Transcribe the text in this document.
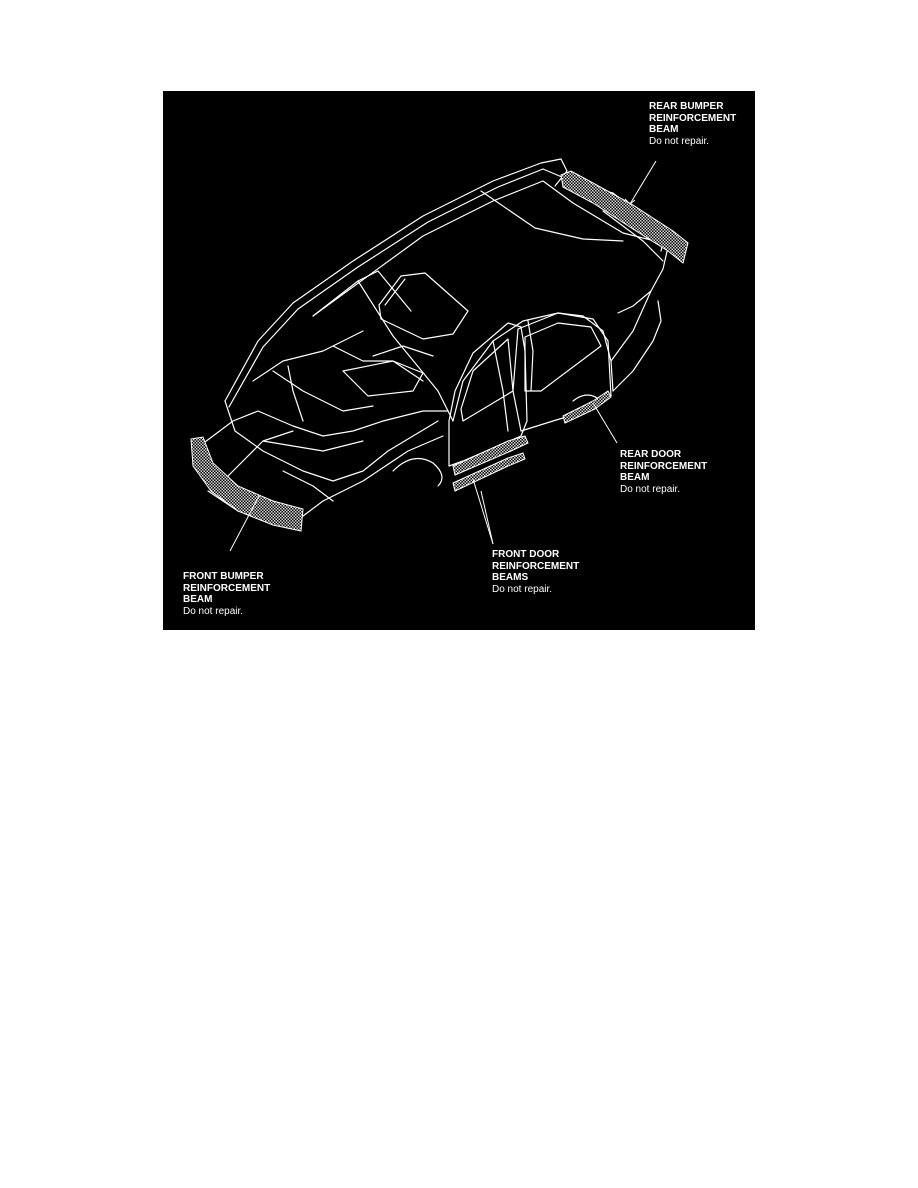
REAR BUMPER
REINFORCEMENT
BEAM
Do not repair.
FRONT BUMPER
REINFORCEMENT
BEAM
Do not repair.
FRONT DOOR
REINFORCEMENT
BEAMS
Do not repair.
REAR DOOR
REINFORCEMENT
BEAM
Do not repair.
